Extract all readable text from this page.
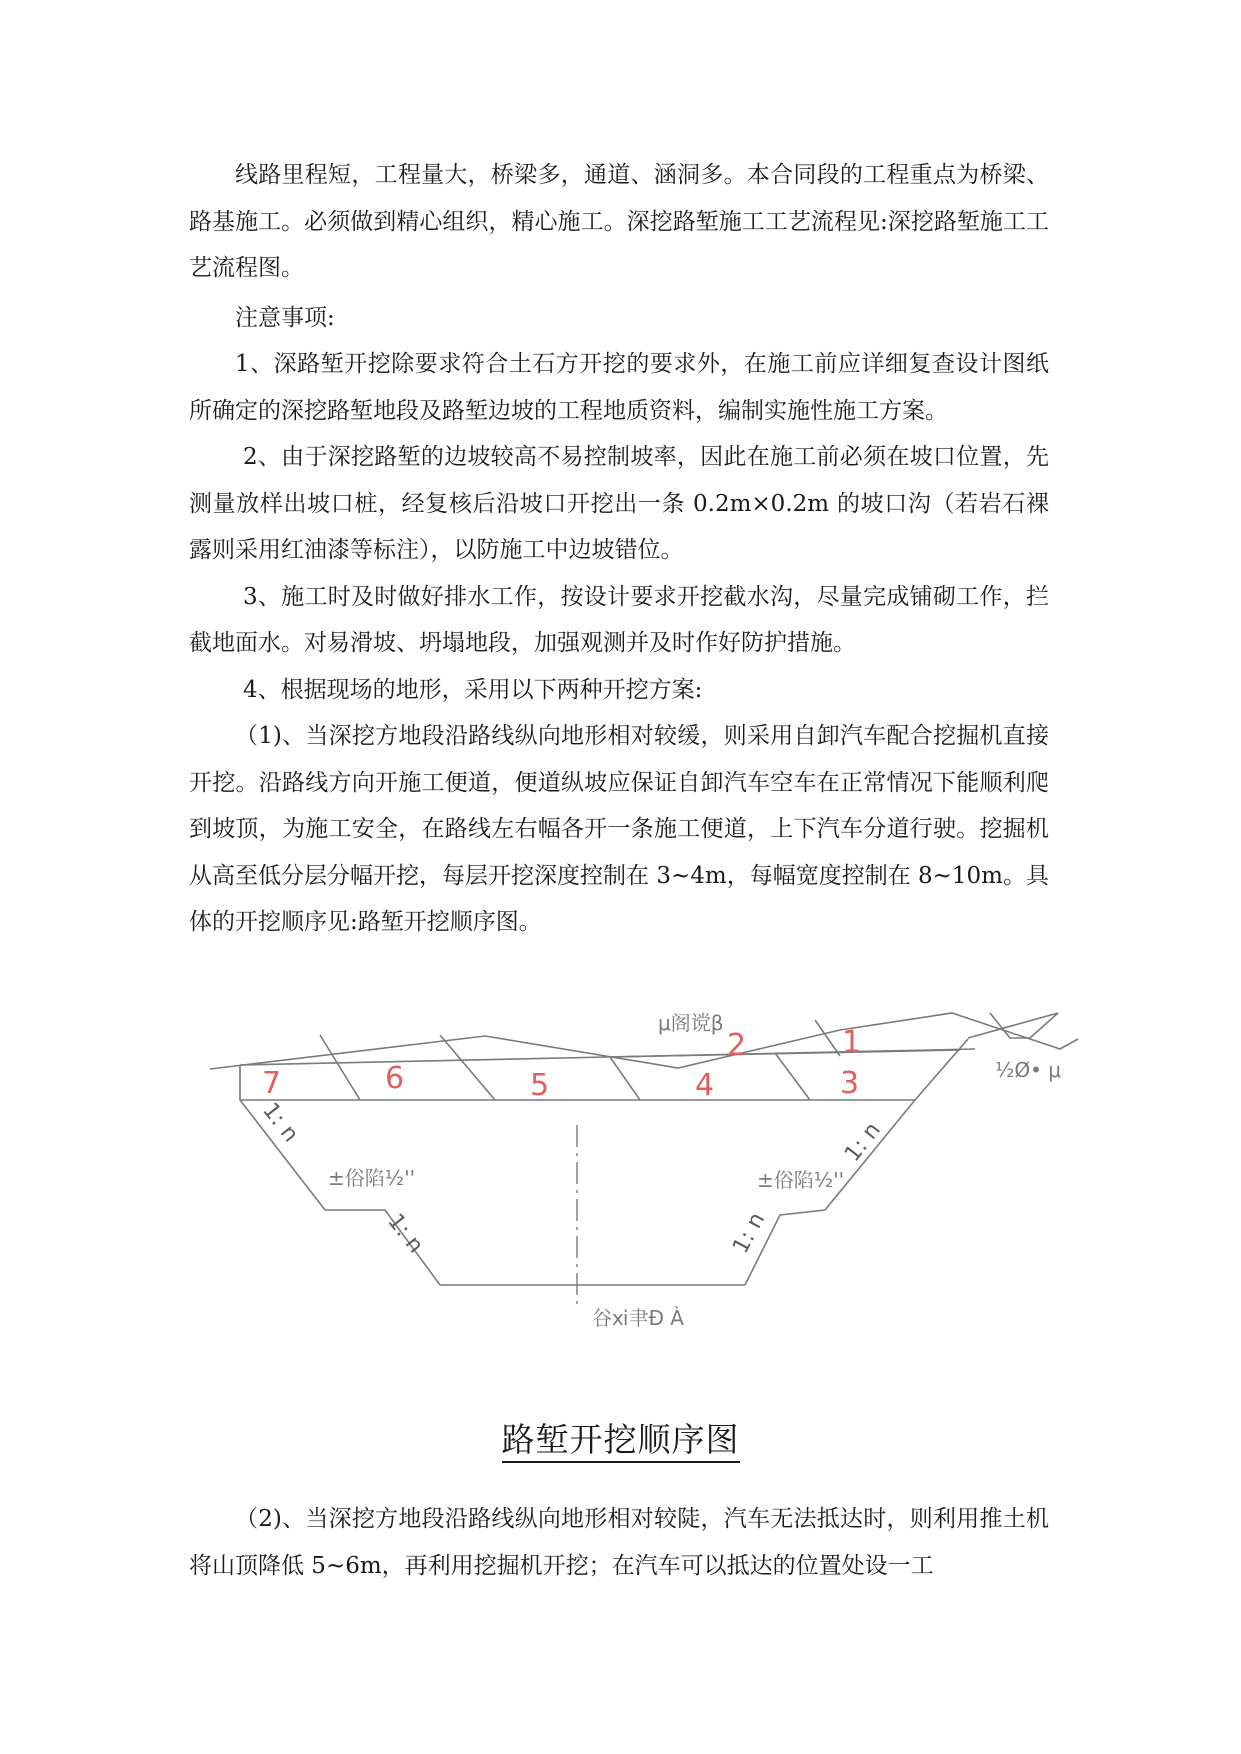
线路里程短，工程量大，桥梁多，通道、涵洞多。本合同段的工程重点为桥梁、路基施工。必须做到精心组织，精心施工。深挖路堑施工工艺流程见:深挖路堑施工工艺流程图。

注意事项:

1、深路堑开挖除要求符合土石方开挖的要求外，在施工前应详细复查设计图纸所确定的深挖路堑地段及路堑边坡的工程地质资料，编制实施性施工方案。

2、由于深挖路堑的边坡较高不易控制坡率，因此在施工前必须在坡口位置，先测量放样出坡口桩，经复核后沿坡口开挖出一条 0.2m×0.2m 的坡口沟（若岩石裸露则采用红油漆等标注），以防施工中边坡错位。

3、施工时及时做好排水工作，按设计要求开挖截水沟，尽量完成铺砌工作，拦截地面水。对易滑坡、坍塌地段，加强观测并及时作好防护措施。

4、根据现场的地形，采用以下两种开挖方案:

（1)、当深挖方地段沿路线纵向地形相对较缓，则采用自卸汽车配合挖掘机直接开挖。沿路线方向开施工便道，便道纵坡应保证自卸汽车空车在正常情况下能顺利爬到坡顶，为施工安全，在路线左右幅各开一条施工便道，上下汽车分道行驶。挖掘机从高至低分层分幅开挖，每层开挖深度控制在 3~4m，每幅宽度控制在 8~10m。具体的开挖顺序见:路堑开挖顺序图。

7	6	5	4	3
2	1
1: n
1: n
1: n
1: n
μ阁谠β
½Ø• μ
±俗陷½''	±俗陷½''
谷ⅺ𦘒Ð À
路堑开挖顺序图

（2)、当深挖方地段沿路线纵向地形相对较陡，汽车无法抵达时，则利用推土机将山顶降低 5~6m，再利用挖掘机开挖；在汽车可以抵达的位置处设一工
